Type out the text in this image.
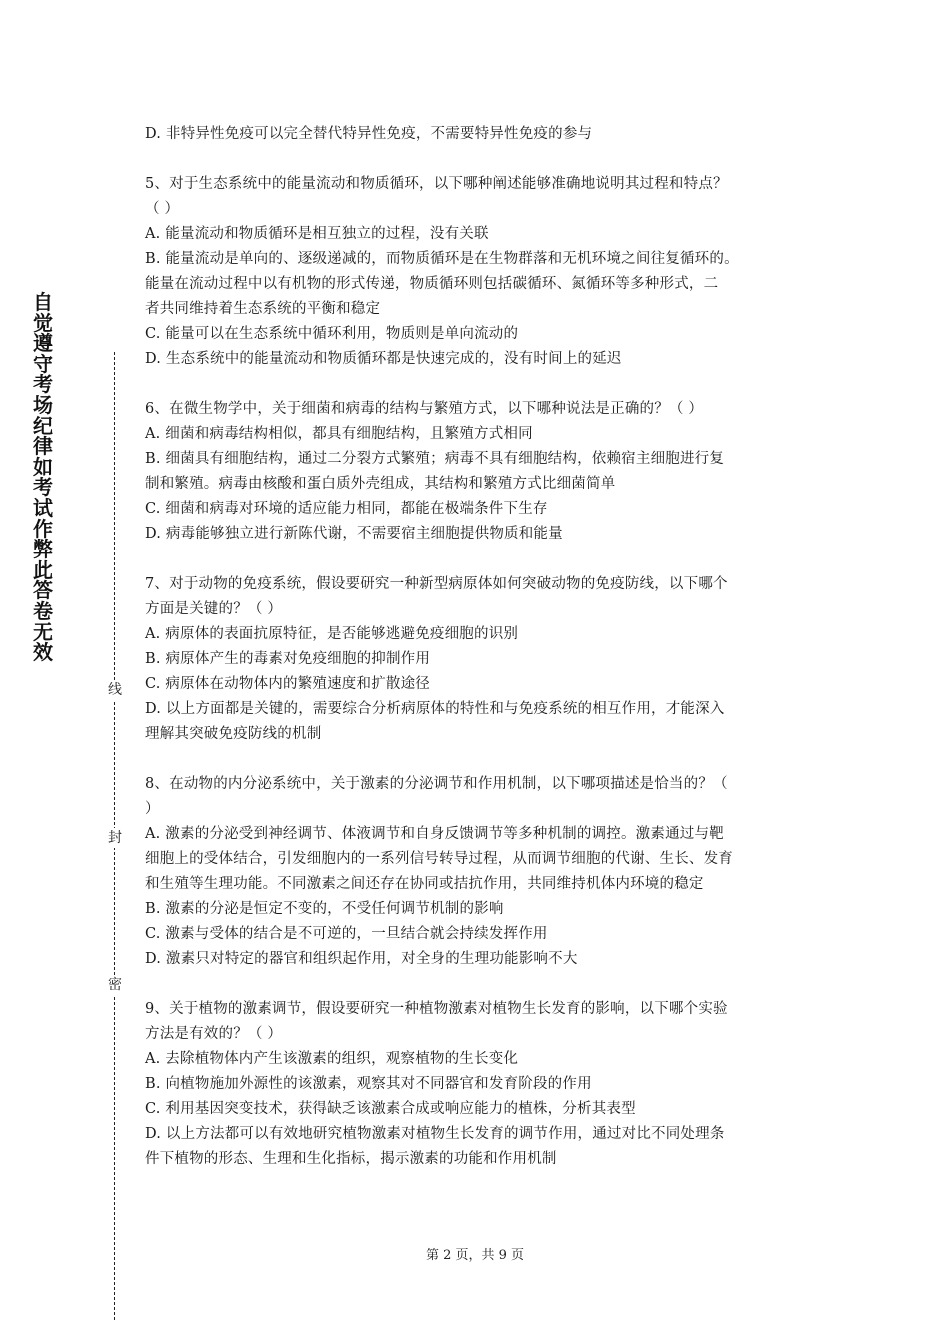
自觉遵守考场纪律如考试作弊此答卷无效
线
封
密

D. 非特异性免疫可以完全替代特异性免疫，不需要特异性免疫的参与

5、对于生态系统中的能量流动和物质循环，以下哪种阐述能够准确地说明其过程和特点？

（ ）

A. 能量流动和物质循环是相互独立的过程，没有关联

B. 能量流动是单向的、逐级递减的，而物质循环是在生物群落和无机环境之间往复循环的。

能量在流动过程中以有机物的形式传递，物质循环则包括碳循环、氮循环等多种形式，二

者共同维持着生态系统的平衡和稳定

C. 能量可以在生态系统中循环利用，物质则是单向流动的

D. 生态系统中的能量流动和物质循环都是快速完成的，没有时间上的延迟

6、在微生物学中，关于细菌和病毒的结构与繁殖方式，以下哪种说法是正确的？（ ）

A. 细菌和病毒结构相似，都具有细胞结构，且繁殖方式相同

B. 细菌具有细胞结构，通过二分裂方式繁殖；病毒不具有细胞结构，依赖宿主细胞进行复

制和繁殖。病毒由核酸和蛋白质外壳组成，其结构和繁殖方式比细菌简单

C. 细菌和病毒对环境的适应能力相同，都能在极端条件下生存

D. 病毒能够独立进行新陈代谢，不需要宿主细胞提供物质和能量

7、对于动物的免疫系统，假设要研究一种新型病原体如何突破动物的免疫防线，以下哪个

方面是关键的？（ ）

A. 病原体的表面抗原特征，是否能够逃避免疫细胞的识别

B. 病原体产生的毒素对免疫细胞的抑制作用

C. 病原体在动物体内的繁殖速度和扩散途径

D. 以上方面都是关键的，需要综合分析病原体的特性和与免疫系统的相互作用，才能深入

理解其突破免疫防线的机制

8、在动物的内分泌系统中，关于激素的分泌调节和作用机制，以下哪项描述是恰当的？（

）

A. 激素的分泌受到神经调节、体液调节和自身反馈调节等多种机制的调控。激素通过与靶

细胞上的受体结合，引发细胞内的一系列信号转导过程，从而调节细胞的代谢、生长、发育

和生殖等生理功能。不同激素之间还存在协同或拮抗作用，共同维持机体内环境的稳定

B. 激素的分泌是恒定不变的，不受任何调节机制的影响

C. 激素与受体的结合是不可逆的，一旦结合就会持续发挥作用

D. 激素只对特定的器官和组织起作用，对全身的生理功能影响不大

9、关于植物的激素调节，假设要研究一种植物激素对植物生长发育的影响，以下哪个实验

方法是有效的？（ ）

A. 去除植物体内产生该激素的组织，观察植物的生长变化

B. 向植物施加外源性的该激素，观察其对不同器官和发育阶段的作用

C. 利用基因突变技术，获得缺乏该激素合成或响应能力的植株，分析其表型

D. 以上方法都可以有效地研究植物激素对植物生长发育的调节作用，通过对比不同处理条

件下植物的形态、生理和生化指标，揭示激素的功能和作用机制

第 2 页，共 9 页
